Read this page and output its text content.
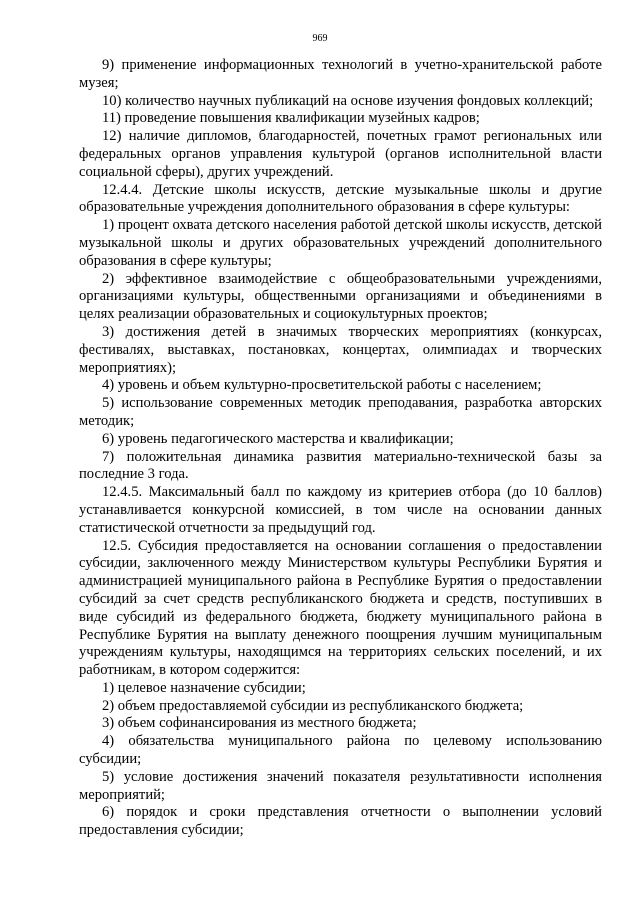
969

9) применение информационных технологий в учетно-хранительской работе музея;

10) количество научных публикаций на основе изучения фондовых коллекций;

11) проведение повышения квалификации музейных кадров;

12) наличие дипломов, благодарностей, почетных грамот региональных или федеральных органов управления культурой (органов исполнительной власти социальной сферы), других учреждений.

12.4.4. Детские школы искусств, детские музыкальные школы и другие образовательные учреждения дополнительного образования в сфере культуры:

1) процент охвата детского населения работой детской школы искусств, детской музыкальной школы и других образовательных учреждений дополнительного образования в сфере культуры;

2) эффективное взаимодействие с общеобразовательными учреждениями, организациями культуры, общественными организациями и объединениями в целях реализации образовательных и социокультурных проектов;

3) достижения детей в значимых творческих мероприятиях (конкурсах, фестивалях, выставках, постановках, концертах, олимпиадах и творческих мероприятиях);

4) уровень и объем культурно-просветительской работы с населением;

5) использование современных методик преподавания, разработка авторских методик;

6) уровень педагогического мастерства и квалификации;

7) положительная динамика развития материально-технической базы за последние 3 года.

12.4.5. Максимальный балл по каждому из критериев отбора (до 10 баллов) устанавливается конкурсной комиссией, в том числе на основании данных статистической отчетности за предыдущий год.

12.5. Субсидия предоставляется на основании соглашения о предоставлении субсидии, заключенного между Министерством культуры Республики Бурятия и администрацией муниципального района в Республике Бурятия о предоставлении субсидий за счет средств республиканского бюджета и средств, поступивших в виде субсидий из федерального бюджета, бюджету муниципального района в Республике Бурятия на выплату денежного поощрения лучшим муниципальным учреждениям культуры, находящимся на территориях сельских поселений, и их работникам, в котором содержится:

1) целевое назначение субсидии;

2) объем предоставляемой субсидии из республиканского бюджета;

3) объем софинансирования из местного бюджета;

4) обязательства муниципального района по целевому использованию субсидии;

5) условие достижения значений показателя результативности исполнения мероприятий;

6) порядок и сроки представления отчетности о выполнении условий предоставления субсидии;
